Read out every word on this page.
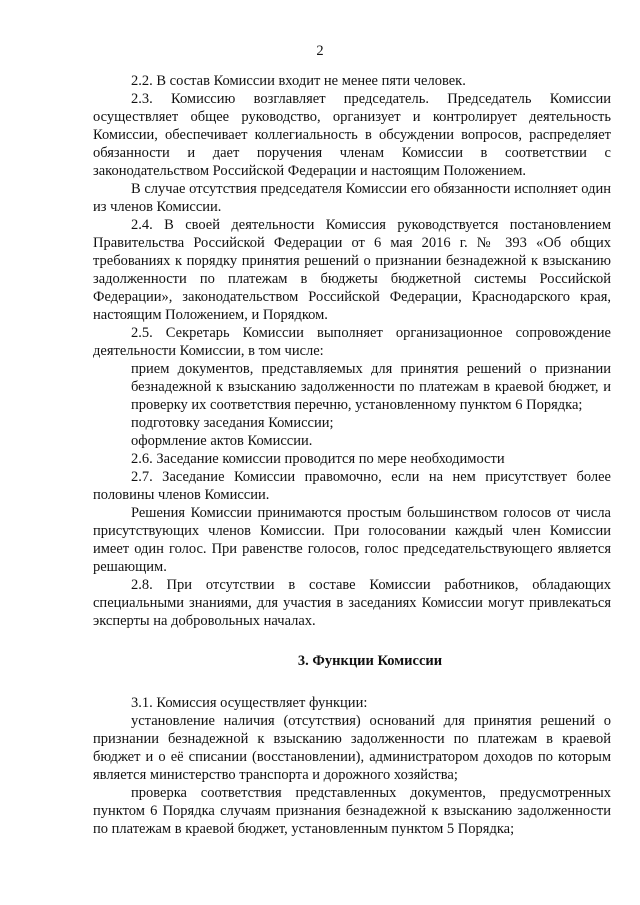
2

2.2. В состав Комиссии входит не менее пяти человек.

2.3. Комиссию возглавляет председатель. Председатель Комиссии осуществляет общее руководство, организует и контролирует деятельность Комиссии, обеспечивает коллегиальность в обсуждении вопросов, распределяет обязанности и дает поручения членам Комиссии в соответствии с законодательством Российской Федерации и настоящим Положением.

В случае отсутствия председателя Комиссии его обязанности исполняет один из членов Комиссии.

2.4. В своей деятельности Комиссия руководствуется постановлением Правительства Российской Федерации от 6 мая 2016 г. № 393 «Об общих требованиях к порядку принятия решений о признании безнадежной к взысканию задолженности по платежам в бюджеты бюджетной системы Российской Федерации», законодательством Российской Федерации, Краснодарского края, настоящим Положением, и Порядком.

2.5. Секретарь Комиссии выполняет организационное сопровождение деятельности Комиссии, в том числе:

прием документов, представляемых для принятия решений о признании безнадежной к взысканию задолженности по платежам в краевой бюджет, и проверку их соответствия перечню, установленному пунктом 6 Порядка;

подготовку заседания Комиссии;

оформление актов Комиссии.

2.6. Заседание комиссии проводится по мере необходимости

2.7. Заседание Комиссии правомочно, если на нем присутствует более половины членов Комиссии.

Решения Комиссии принимаются простым большинством голосов от числа присутствующих членов Комиссии. При голосовании каждый член Комиссии имеет один голос. При равенстве голосов, голос председательствующего является решающим.

2.8. При отсутствии в составе Комиссии работников, обладающих специальными знаниями, для участия в заседаниях Комиссии могут привлекаться эксперты на добровольных началах.

3. Функции Комиссии

3.1. Комиссия осуществляет функции:

установление наличия (отсутствия) оснований для принятия решений о признании безнадежной к взысканию задолженности по платежам в краевой бюджет и о её списании (восстановлении), администратором доходов по которым является министерство транспорта и дорожного хозяйства;

проверка соответствия представленных документов, предусмотренных пунктом 6 Порядка случаям признания безнадежной к взысканию задолженности по платежам в краевой бюджет, установленным пунктом 5 Порядка;
